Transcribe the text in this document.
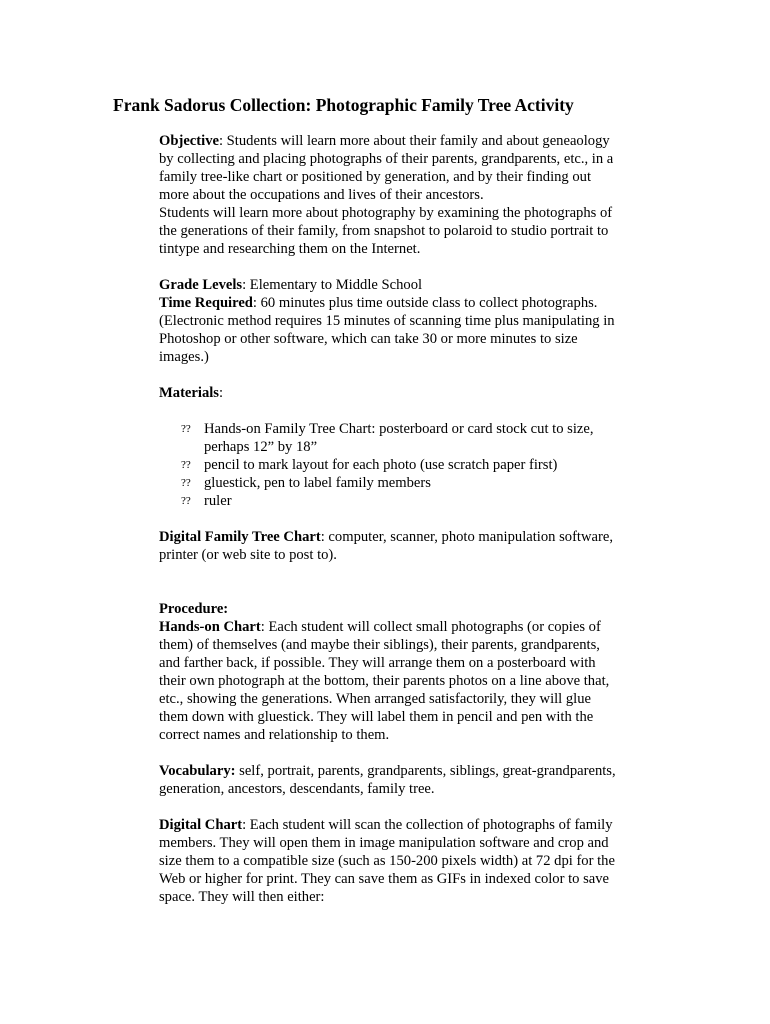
Frank Sadorus Collection: Photographic Family Tree Activity

Objective: Students will learn more about their family and about geneaology by collecting and placing photographs of their parents, grandparents, etc., in a family tree-like chart or positioned by generation, and by their finding out more about the occupations and lives of their ancestors.

Students will learn more about photography by examining the photographs of the generations of their family, from snapshot to polaroid to studio portrait to tintype and researching them on the Internet.

Grade Levels: Elementary to Middle School

Time Required: 60 minutes plus time outside class to collect photographs. (Electronic method requires 15 minutes of scanning time plus manipulating in Photoshop or other software, which can take 30 or more minutes to size images.)

Materials:

?? Hands-on Family Tree Chart: posterboard or card stock cut to size, perhaps 12” by 18”
?? pencil to mark layout for each photo (use scratch paper first)
?? gluestick, pen to label family members
?? ruler

Digital Family Tree Chart: computer, scanner, photo manipulation software, printer (or web site to post to).

Procedure:

Hands-on Chart: Each student will collect small photographs (or copies of them) of themselves (and maybe their siblings), their parents, grandparents, and farther back, if possible. They will arrange them on a posterboard with their own photograph at the bottom, their parents photos on a line above that, etc., showing the generations. When arranged satisfactorily, they will glue them down with gluestick. They will label them in pencil and pen with the correct names and relationship to them.

Vocabulary: self, portrait, parents, grandparents, siblings, great-grandparents, generation, ancestors, descendants, family tree.

Digital Chart: Each student will scan the collection of photographs of family members. They will open them in image manipulation software and crop and size them to a compatible size (such as 150-200 pixels width) at 72 dpi for the Web or higher for print. They can save them as GIFs in indexed color to save space. They will then either:
